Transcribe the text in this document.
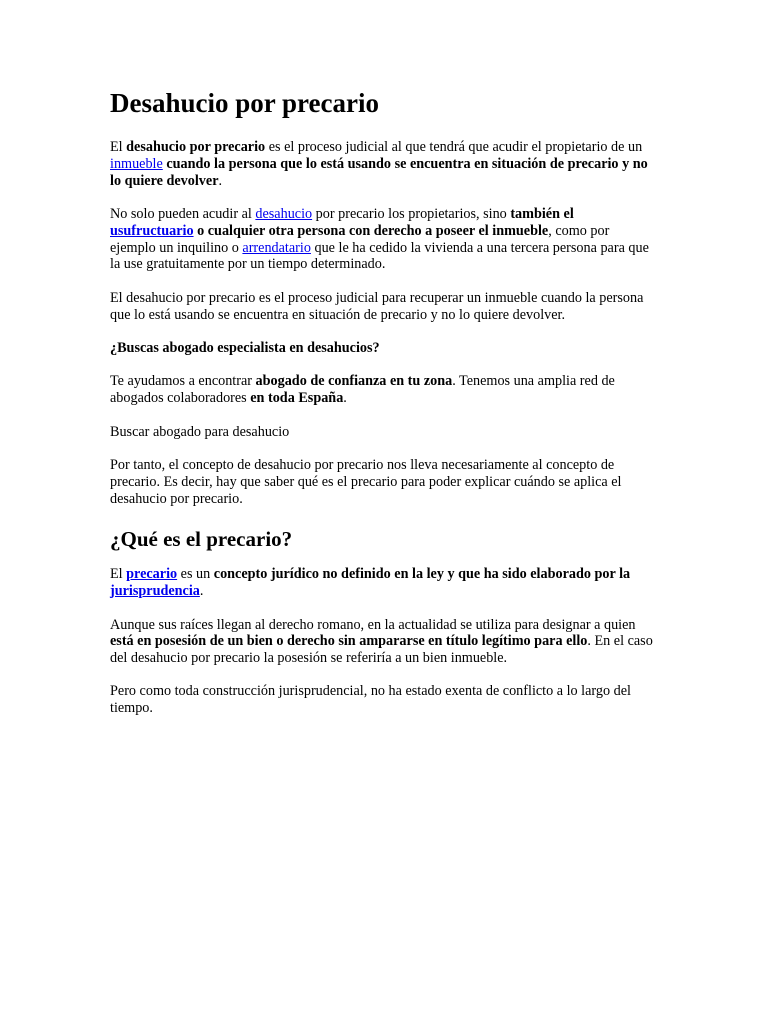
Desahucio por precario

El desahucio por precario es el proceso judicial al que tendrá que acudir el propietario de un inmueble cuando la persona que lo está usando se encuentra en situación de precario y no lo quiere devolver.

No solo pueden acudir al desahucio por precario los propietarios, sino también el usufructuario o cualquier otra persona con derecho a poseer el inmueble, como por ejemplo un inquilino o arrendatario que le ha cedido la vivienda a una tercera persona para que la use gratuitamente por un tiempo determinado.

El desahucio por precario es el proceso judicial para recuperar un inmueble cuando la persona que lo está usando se encuentra en situación de precario y no lo quiere devolver.

¿Buscas abogado especialista en desahucios?

Te ayudamos a encontrar abogado de confianza en tu zona. Tenemos una amplia red de abogados colaboradores en toda España.

Buscar abogado para desahucio

Por tanto, el concepto de desahucio por precario nos lleva necesariamente al concepto de precario. Es decir, hay que saber qué es el precario para poder explicar cuándo se aplica el desahucio por precario.

¿Qué es el precario?

El precario es un concepto jurídico no definido en la ley y que ha sido elaborado por la jurisprudencia.

Aunque sus raíces llegan al derecho romano, en la actualidad se utiliza para designar a quien está en posesión de un bien o derecho sin ampararse en título legítimo para ello. En el caso del desahucio por precario la posesión se referiría a un bien inmueble.

Pero como toda construcción jurisprudencial, no ha estado exenta de conflicto a lo largo del tiempo.
